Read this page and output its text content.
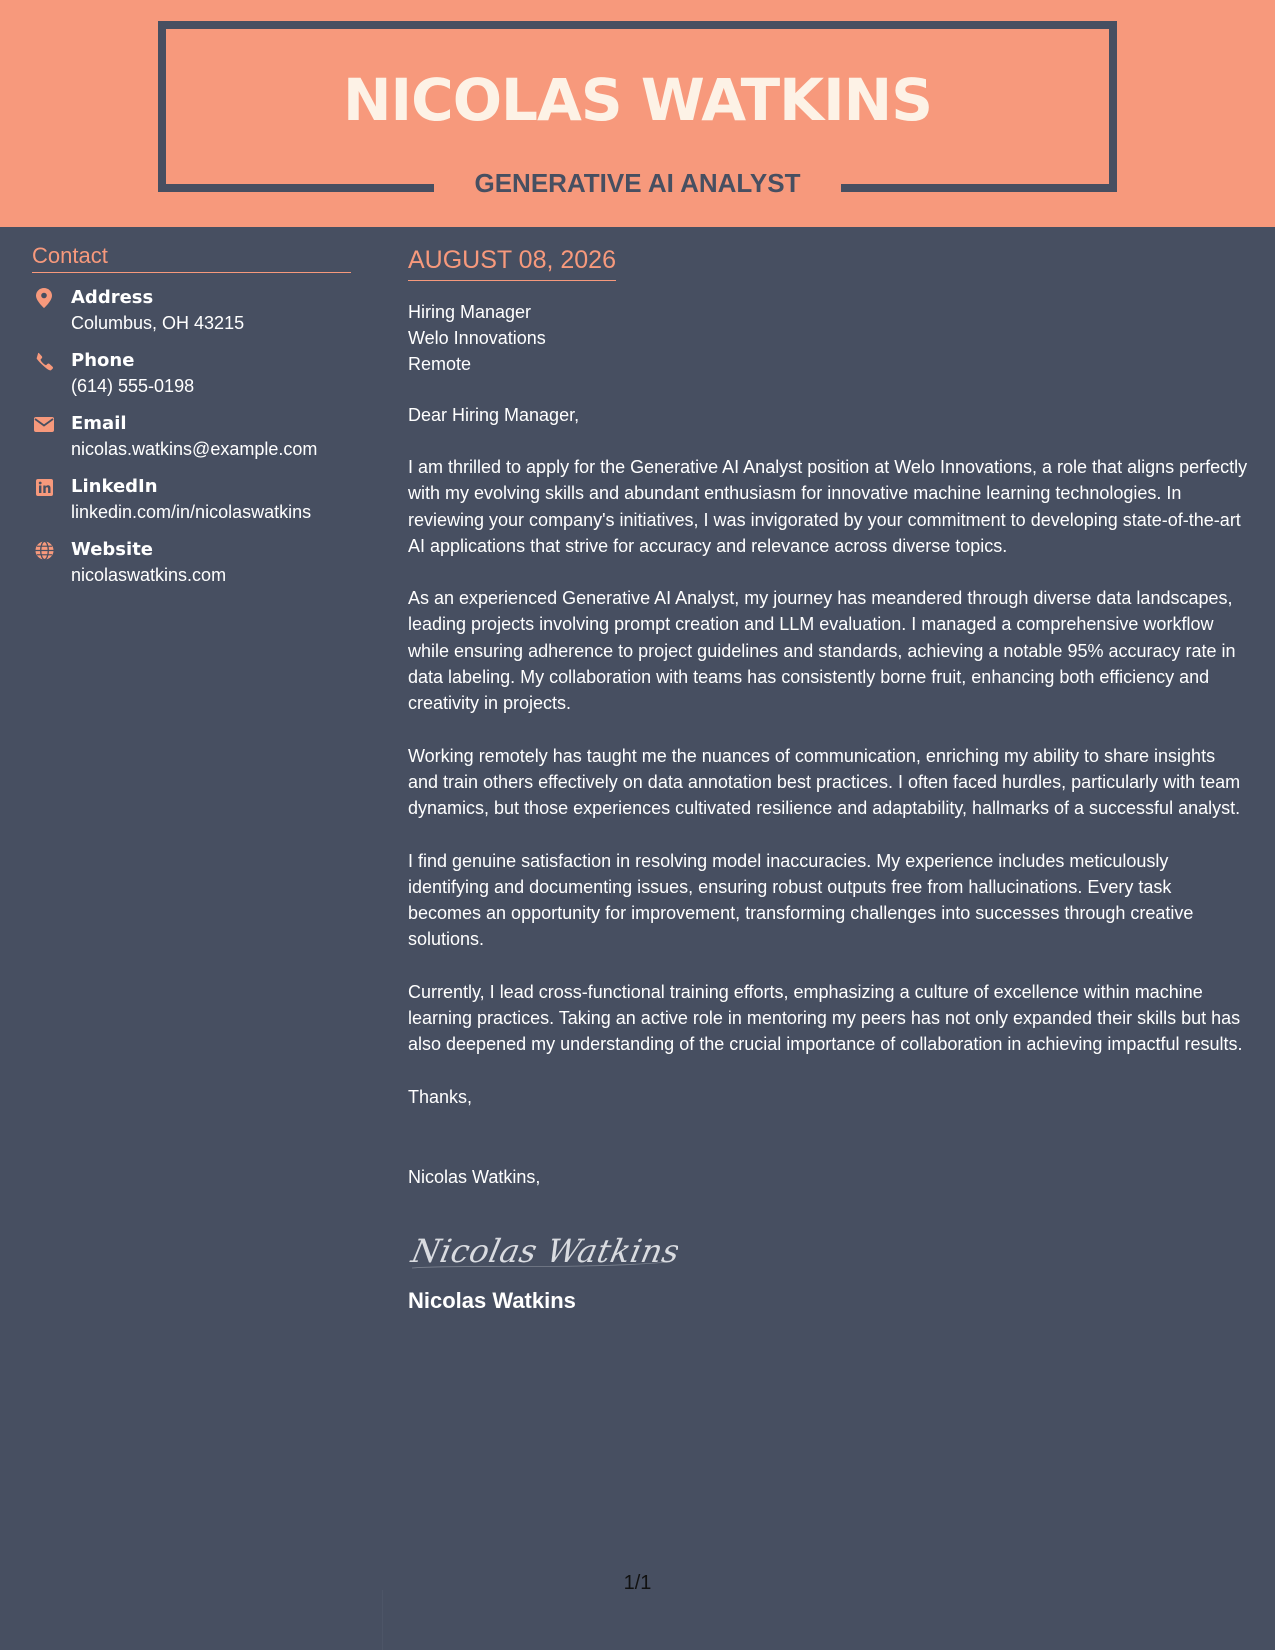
NICOLAS WATKINS
GENERATIVE AI ANALYST
Contact
Address
Columbus, OH 43215
Phone
(614) 555-0198
Email
nicolas.watkins@example.com
LinkedIn
linkedin.com/in/nicolaswatkins
Website
nicolaswatkins.com
AUGUST 08, 2026
Hiring Manager
Welo Innovations
Remote
Dear Hiring Manager,

I am thrilled to apply for the Generative AI Analyst position at Welo Innovations, a role that aligns perfectly with my evolving skills and abundant enthusiasm for innovative machine learning technologies. In reviewing your company's initiatives, I was invigorated by your commitment to developing state-of-the-art AI applications that strive for accuracy and relevance across diverse topics.

As an experienced Generative AI Analyst, my journey has meandered through diverse data landscapes, leading projects involving prompt creation and LLM evaluation. I managed a comprehensive workflow while ensuring adherence to project guidelines and standards, achieving a notable 95% accuracy rate in data labeling. My collaboration with teams has consistently borne fruit, enhancing both efficiency and creativity in projects.

Working remotely has taught me the nuances of communication, enriching my ability to share insights and train others effectively on data annotation best practices. I often faced hurdles, particularly with team dynamics, but those experiences cultivated resilience and adaptability, hallmarks of a successful analyst.

I find genuine satisfaction in resolving model inaccuracies. My experience includes meticulously identifying and documenting issues, ensuring robust outputs free from hallucinations. Every task becomes an opportunity for improvement, transforming challenges into successes through creative solutions.

Currently, I lead cross-functional training efforts, emphasizing a culture of excellence within machine learning practices. Taking an active role in mentoring my peers has not only expanded their skills but has also deepened my understanding of the crucial importance of collaboration in achieving impactful results.

Thanks,
Nicolas Watkins,
Nicolas Watkins
Nicolas Watkins
1/1
